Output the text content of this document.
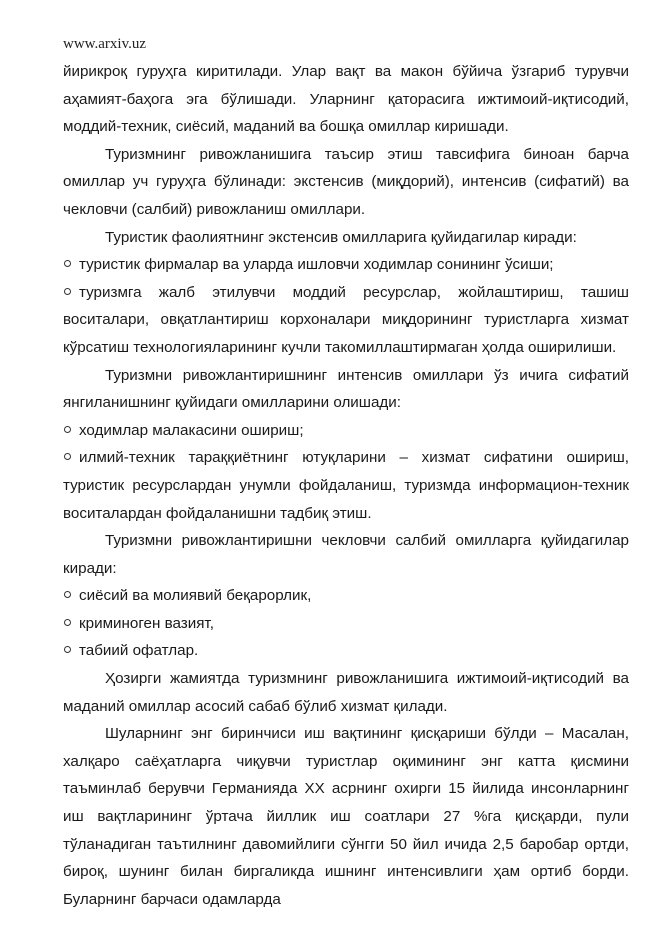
www.arxiv.uz

йирикроқ гуруҳга киритилади. Улар вақт ва макон бўйича ўзгариб турувчи аҳамият-баҳога эга бўлишади. Уларнинг қаторасига ижтимоий-иқтисодий, моддий-техник, сиёсий, маданий ва бошқа омиллар киришади.

Туризмнинг ривожланишига таъсир этиш тавсифига биноан барча омиллар уч гуруҳга бўлинади: экстенсив (миқдорий), интенсив (сифатий) ва чекловчи (салбий) ривожланиш омиллари.

Туристик фаолиятнинг экстенсив омилларига қуйидагилар киради:

туристик фирмалар ва уларда ишловчи ходимлар сонининг ўсиши;

туризмга жалб этилувчи моддий ресурслар, жойлаштириш, ташиш воситалари, овқатлантириш корхоналари миқдорининг туристларга хизмат кўрсатиш технологияларининг кучли такомиллаштирмаган ҳолда оширилиши.

Туризмни ривожлантиришнинг интенсив омиллари ўз ичига сифатий янгиланишнинг қуйидаги омилларини олишади:

ходимлар малакасини ошириш;

илмий-техник тараққиётнинг ютуқларини – хизмат сифатини ошириш, туристик ресурслардан унумли фойдаланиш, туризмда информацион-техник воситалардан фойдаланишни тадбиқ этиш.

Туризмни ривожлантиришни чекловчи салбий омилларга қуйидагилар киради:

сиёсий ва молиявий беқарорлик,

криминоген вазият,

табиий офатлар.

Ҳозирги жамиятда туризмнинг ривожланишига ижтимоий-иқтисодий ва маданий омиллар асосий сабаб бўлиб хизмат қилади.

Шуларнинг энг биринчиси иш вақтининг қисқариши бўлди – Масалан, халқаро саёҳатларга чиқувчи туристлар оқимининг энг катта қисмини таъминлаб берувчи Германияда XX асрнинг охирги 15 йилида инсонларнинг иш вақтларининг ўртача йиллик иш соатлари 27 %га қисқарди, пули тўланадиган таътилнинг давомийлиги сўнгги 50 йил ичида 2,5 баробар ортди, бироқ, шунинг билан биргаликда ишнинг интенсивлиги ҳам ортиб борди. Буларнинг барчаси одамларда
